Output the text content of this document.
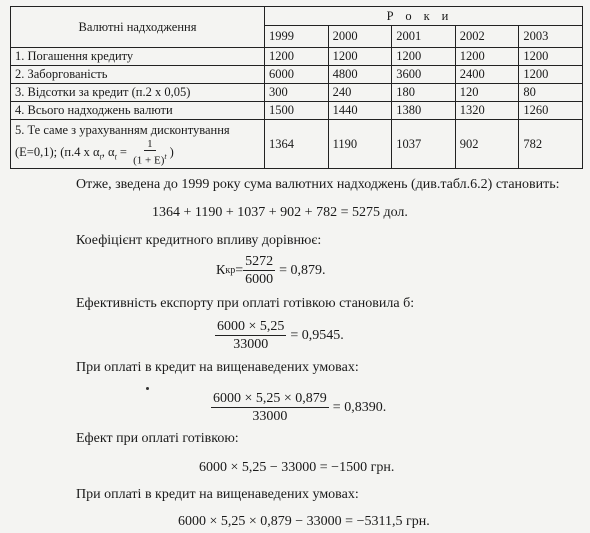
Валютні надходження	Роки				
	1999	2000	2001	2002	2003
1. Погашення кредиту	1200	1200	1200	1200	1200
2. Заборгованість	6000	4800	3600	2400	1200
3. Відсотки за кредит (п.2 х 0,05)	300	240	180	120	80
4. Всього надходжень валюти	1500	1440	1380	1320	1260
5. Те саме з урахуванням дисконтування
(Е=0,1); (п.4 х $\alpha_t$, $\alpha_t = \frac{1}{(1 + E)^t}$ )	1364	1190	1037	902	782
Отже, зведена до 1999 року сума валютних надходжень (див.табл.6.2) становить:
1364 + 1190 + 1037 + 902 + 782 = 5275 дол.
Коефіцієнт кредитного впливу дорівнює:
К кр = $\frac{5272}{6000} = 0,879$.
Ефективність експорту при оплаті готівкою становила б:
$\frac{6000 \times 5,25}{33000} = 0,9545$.
При оплаті в кредит на вищенаведених умовах:
$\frac{6000 \times 5,25 \times 0,879}{33000} = 0,8390$.
Ефект при оплаті готівкою:
6000 × 5,25 − 33000 = −1500 грн.
При оплаті в кредит на вищенаведених умовах:
6000 × 5,25 × 0,879 − 33000 = −5311,5 грн.
